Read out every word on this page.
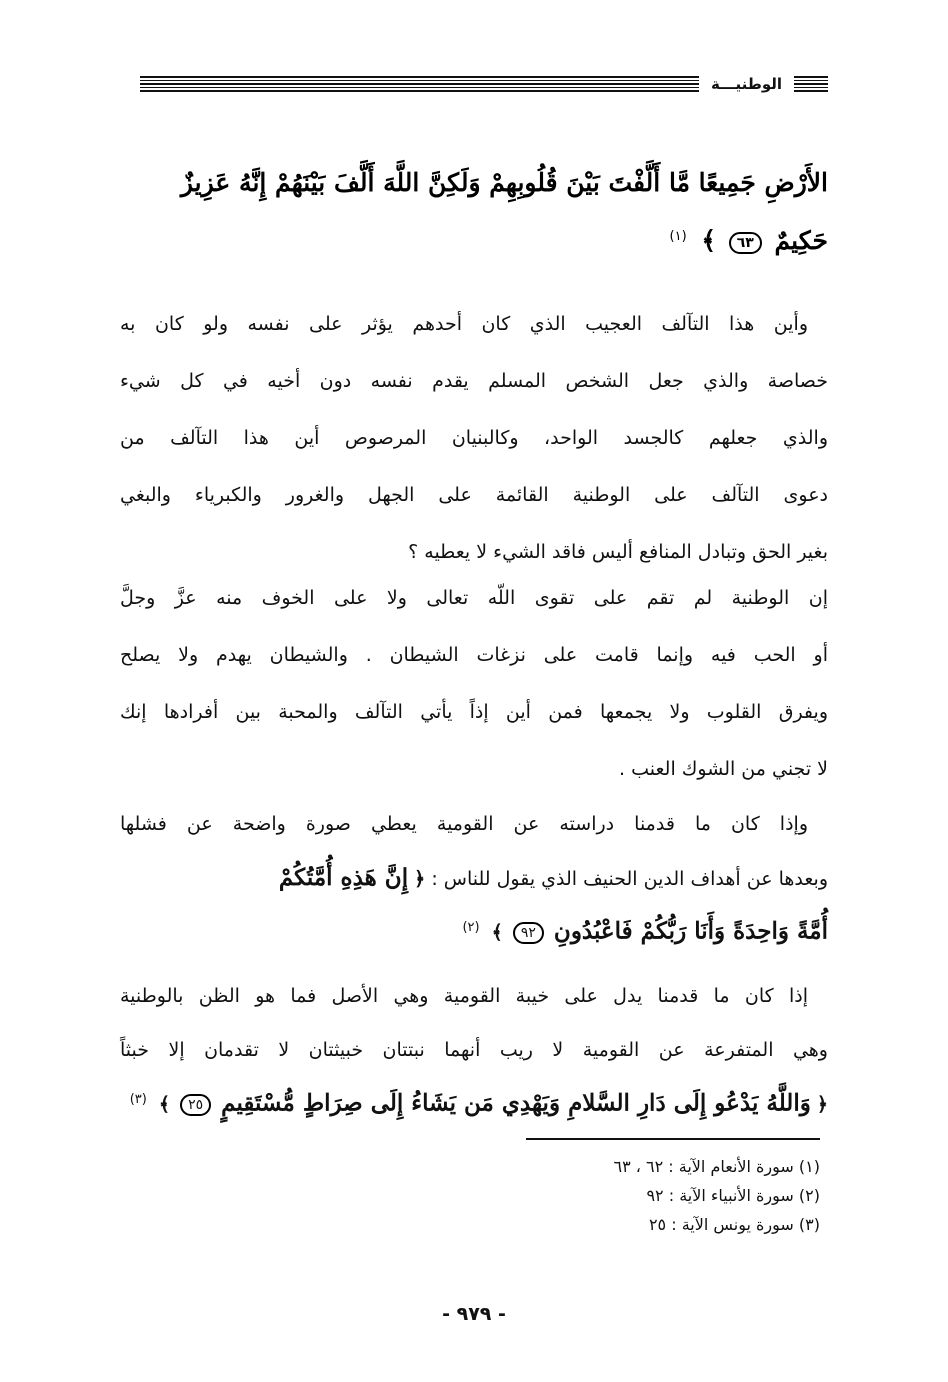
الوطنيـــة
الأَرْضِ جَمِيعًا مَّا أَلَّفْتَ بَيْنَ قُلُوبِهِمْ وَلَكِنَّ اللَّهَ أَلَّفَ بَيْنَهُمْ إِنَّهُ عَزِيزٌ
حَكِيمٌ ٦٣ ﴾ $^{(١)}$
وأين هذا التآلف العجيب الذي كان أحدهم يؤثر على نفسه ولو كان به
خصاصة والذي جعل الشخص المسلم يقدم نفسه دون أخيه في كل شيء
والذي جعلهم كالجسد الواحد، وكالبنيان المرصوص أين هذا التآلف من
دعوى التآلف على الوطنية القائمة على الجهل والغرور والكبرياء والبغي
بغير الحق وتبادل المنافع أليس فاقد الشيء لا يعطيه ؟
إن الوطنية لم تقم على تقوى اللّه تعالى ولا على الخوف منه عزَّ وجلَّ
أو الحب فيه وإنما قامت على نزغات الشيطان . والشيطان يهدم ولا يصلح
ويفرق القلوب ولا يجمعها فمن أين إذاً يأتي التآلف والمحبة بين أفرادها إنك
لا تجني من الشوك العنب .
وإذا كان ما قدمنا دراسته عن القومية يعطي صورة واضحة عن فشلها
وبعدها عن أهداف الدين الحنيف الذي يقول للناس : ﴿ إِنَّ هَذِهِ أُمَّتُكُمْ
أُمَّةً وَاحِدَةً وَأَنَا رَبُّكُمْ فَاعْبُدُونِ ٩٢ ﴾ $^{(٢)}$
إذا كان ما قدمنا يدل على خيبة القومية وهي الأصل فما هو الظن بالوطنية
وهي المتفرعة عن القومية لا ريب أنهما نبتتان خبيثتان لا تقدمان إلا خبثاً
﴿ وَاللَّهُ يَدْعُو إِلَى دَارِ السَّلامِ وَيَهْدِي مَن يَشَاءُ إِلَى صِرَاطٍ مُّسْتَقِيمٍ ٢٥ ﴾ $^{(٣)}$
(١) سورة الأنعام الآية : ٦٢ ، ٦٣
(٢) سورة الأنبياء الآية : ٩٢
(٣) سورة يونس الآية : ٢٥
- ٩٧٩ -
